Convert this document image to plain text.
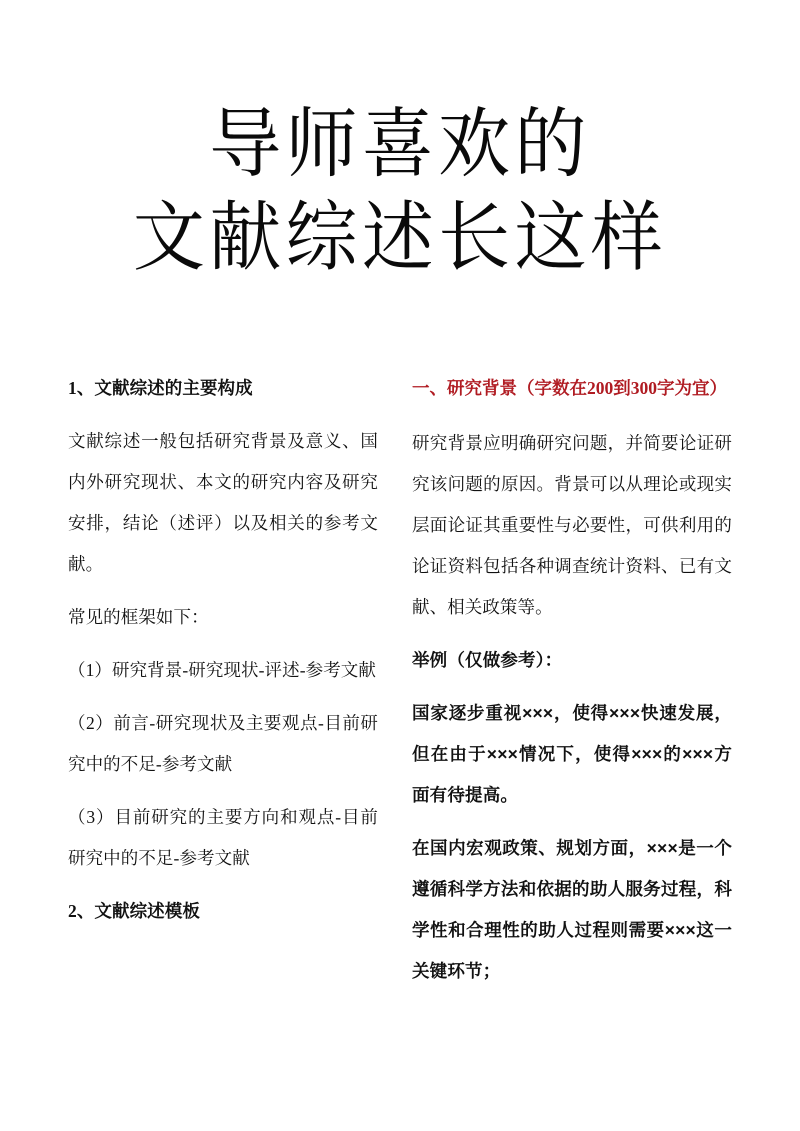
导师喜欢的
文献综述长这样

1、文献综述的主要构成

文献综述一般包括研究背景及意义、国内外研究现状、本文的研究内容及研究安排，结论（述评）以及相关的参考文献。

常见的框架如下：

（1）研究背景-研究现状-评述-参考文献

（2）前言-研究现状及主要观点-目前研究中的不足-参考文献

（3）目前研究的主要方向和观点-目前研究中的不足-参考文献

2、文献综述模板

一、研究背景（字数在200到300字为宜）

研究背景应明确研究问题，并简要论证研究该问题的原因。背景可以从理论或现实层面论证其重要性与必要性，可供利用的论证资料包括各种调查统计资料、已有文献、相关政策等。

举例（仅做参考）：

国家逐步重视×××，使得×××快速发展，但在由于×××情况下，使得×××的×××方面有待提高。

在国内宏观政策、规划方面，×××是一个遵循科学方法和依据的助人服务过程，科学性和合理性的助人过程则需要×××这一关键环节；
